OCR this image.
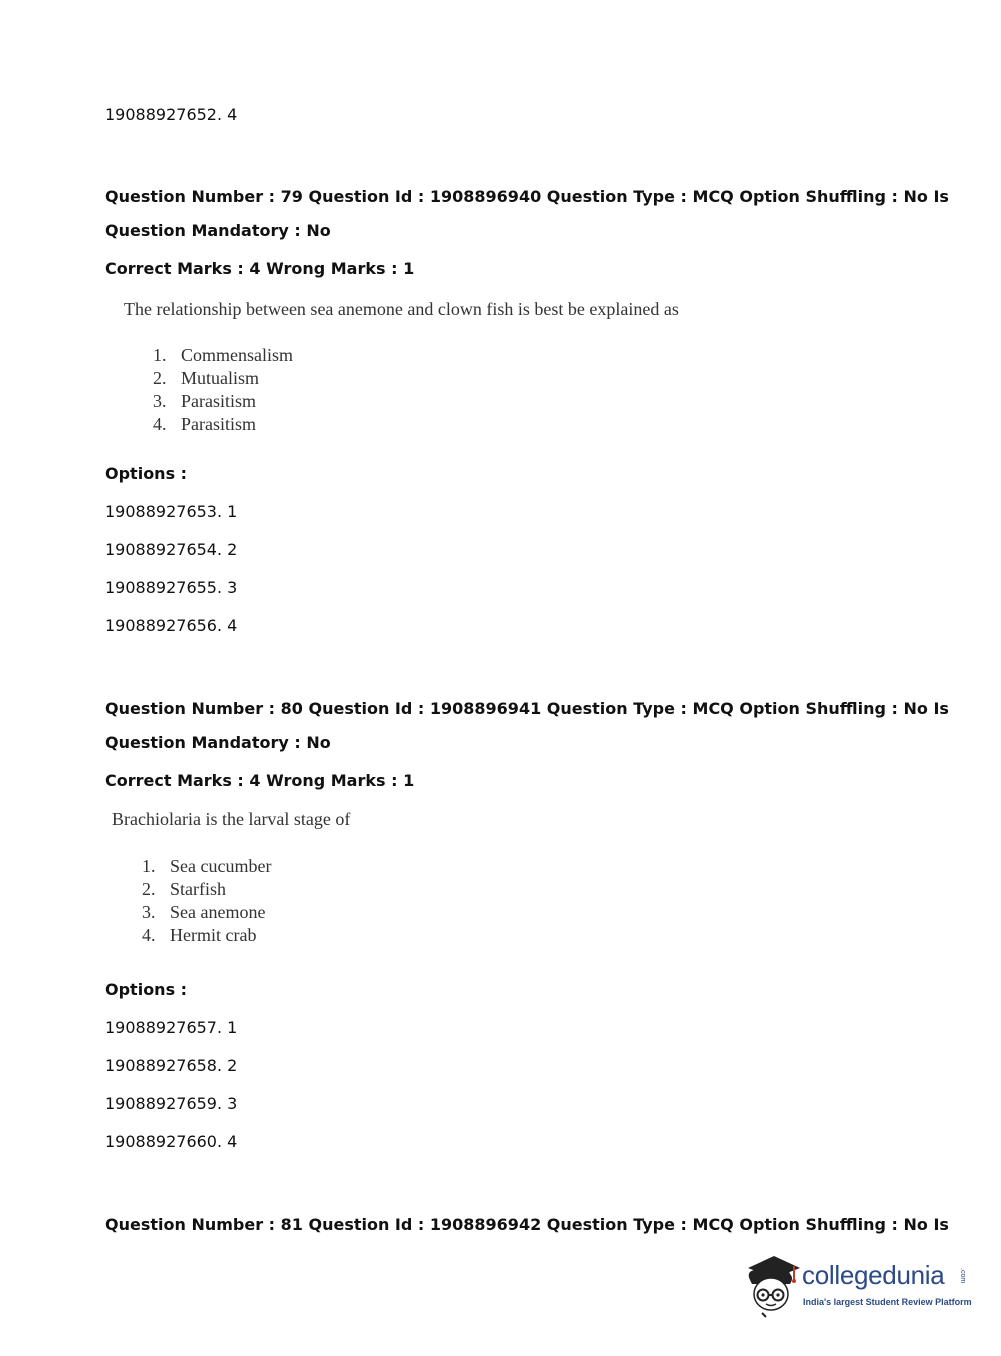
19088927652. 4
Question Number : 79 Question Id : 1908896940 Question Type : MCQ Option Shuffling : No Is
Question Mandatory : No
Correct Marks : 4 Wrong Marks : 1
The relationship between sea anemone and clown fish is best be explained as
1. Commensalism
2. Mutualism
3. Parasitism
4. Parasitism
Options :
19088927653. 1
19088927654. 2
19088927655. 3
19088927656. 4
Question Number : 80 Question Id : 1908896941 Question Type : MCQ Option Shuffling : No Is
Question Mandatory : No
Correct Marks : 4 Wrong Marks : 1
Brachiolaria is the larval stage of
1. Sea cucumber
2. Starfish
3. Sea anemone
4. Hermit crab
Options :
19088927657. 1
19088927658. 2
19088927659. 3
19088927660. 4
Question Number : 81 Question Id : 1908896942 Question Type : MCQ Option Shuffling : No Is
collegedunia .com
India's largest Student Review Platform
